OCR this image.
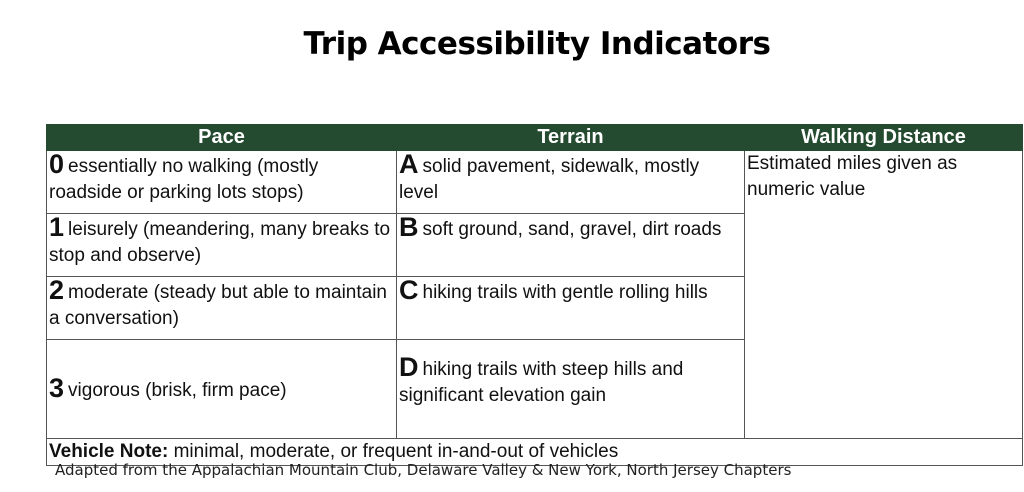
Trip Accessibility Indicators
Pace	Terrain	Walking Distance
0 essentially no walking (mostly roadside or parking lots stops)	A solid pavement, sidewalk, mostly level	Estimated miles given as numeric value
1 leisurely (meandering, many breaks to stop and observe)	B soft ground, sand, gravel, dirt roads	
2 moderate (steady but able to maintain a conversation)	C hiking trails with gentle rolling hills	
3 vigorous (brisk, firm pace)	D hiking trails with steep hills and significant elevation gain	
Vehicle Note: minimal, moderate, or frequent in-and-out of vehicles		
Adapted from the Appalachian Mountain Club, Delaware Valley & New York, North Jersey Chapters
